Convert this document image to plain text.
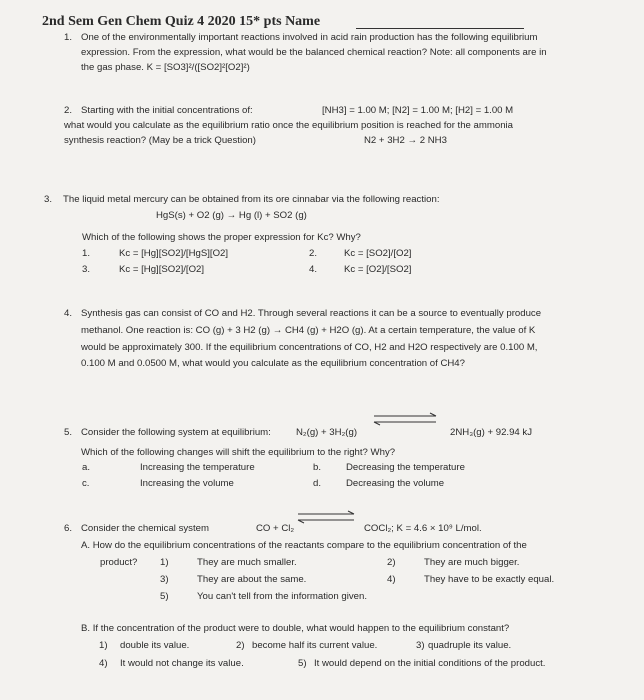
2nd Sem Gen Chem Quiz 4 2020 15* pts Name
1. One of the environmentally important reactions involved in acid rain production has the following equilibrium
expression. From the expression, what would be the balanced chemical reaction? Note: all components are in
the gas phase. K = [SO3]²/([SO2]²[O2]²)
2. Starting with the initial concentrations of:	[NH3] = 1.00 M; [N2] = 1.00 M; [H2] = 1.00 M
what would you calculate as the equilibrium ratio once the equilibrium position is reached for the ammonia
synthesis reaction? (May be a trick Question)	N2 + 3H2 → 2 NH3
3. The liquid metal mercury can be obtained from its ore cinnabar via the following reaction:
HgS(s) + O2 (g) → Hg (l) + SO2 (g)
Which of the following shows the proper expression for Kc? Why?
1.	Kc = [Hg][SO2]/[HgS][O2]	2.	Kc = [SO2]/[O2]
3.	Kc = [Hg][SO2]/[O2]	4.	Kc = [O2]/[SO2]
4. Synthesis gas can consist of CO and H2. Through several reactions it can be a source to eventually produce
methanol. One reaction is: CO (g) + 3 H2 (g) → CH4 (g) + H2O (g). At a certain temperature, the value of K
would be approximately 300. If the equilibrium concentrations of CO, H2 and H2O respectively are 0.100 M,
0.100 M and 0.0500 M, what would you calculate as the equilibrium concentration of CH4?
5. Consider the following system at equilibrium:	N₂(g) + 3H₂(g)	2NH₃(g) + 92.94 kJ
Which of the following changes will shift the equilibrium to the right? Why?
a.	Increasing the temperature	b.	Decreasing the temperature
c.	Increasing the volume	d.	Decreasing the volume
6. Consider the chemical system	CO + Cl₂	COCl₂; K = 4.6 × 10⁹ L/mol.
A. How do the equilibrium concentrations of the reactants compare to the equilibrium concentration of the
product? 1)	They are much smaller.	2)	They are much bigger.
3)	They are about the same.	4)	They have to be exactly equal.
5)	You can't tell from the information given.
B. If the concentration of the product were to double, what would happen to the equilibrium constant?
1) double its value.	2) become half its current value.	3) quadruple its value.
4) It would not change its value.	5) It would depend on the initial conditions of the product.
